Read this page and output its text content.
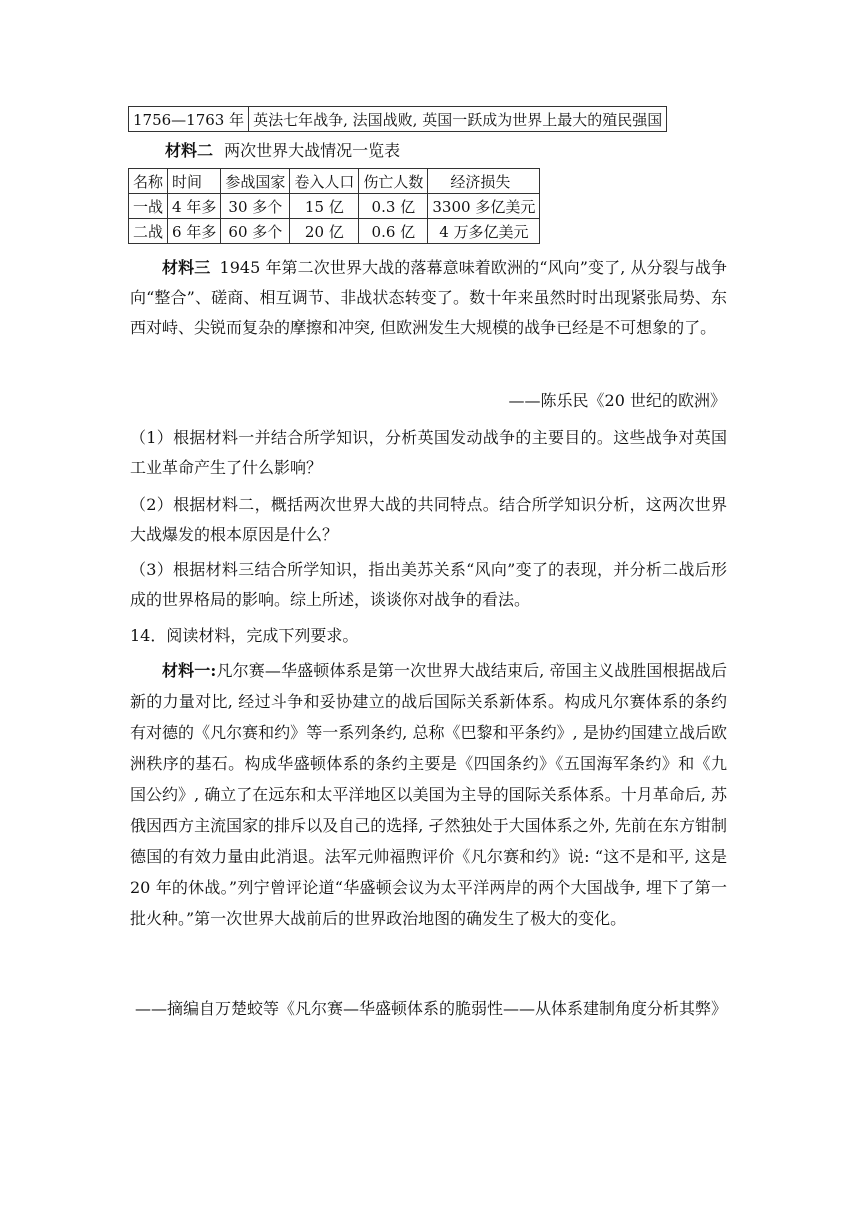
1756—1763 年	英法七年战争, 法国战败, 英国一跃成为世界上最大的殖民强国
材料二 两次世界大战情况一览表
名称	时间	参战国家	卷入人口	伤亡人数	经济损失
一战	4 年多	30 多个	15 亿	0.3 亿	3300 多亿美元
二战	6 年多	60 多个	20 亿	0.6 亿	4 万多亿美元
材料三 1945 年第二次世界大战的落幕意味着欧洲的“风向”变了, 从分裂与战争向“整合”、磋商、相互调节、非战状态转变了。数十年来虽然时时出现紧张局势、东西对峙、尖锐而复杂的摩擦和冲突, 但欧洲发生大规模的战争已经是不可想象的了。
——陈乐民《20 世纪的欧洲》
（1）根据材料一并结合所学知识，分析英国发动战争的主要目的。这些战争对英国工业革命产生了什么影响？
（2）根据材料二，概括两次世界大战的共同特点。结合所学知识分析，这两次世界大战爆发的根本原因是什么？
（3）根据材料三结合所学知识，指出美苏关系“风向”变了的表现，并分析二战后形成的世界格局的影响。综上所述，谈谈你对战争的看法。
14．阅读材料，完成下列要求。
材料一:凡尔赛—华盛顿体系是第一次世界大战结束后, 帝国主义战胜国根据战后新的力量对比, 经过斗争和妥协建立的战后国际关系新体系。构成凡尔赛体系的条约有对德的《凡尔赛和约》等一系列条约, 总称《巴黎和平条约》, 是协约国建立战后欧洲秩序的基石。构成华盛顿体系的条约主要是《四国条约》《五国海军条约》和《九国公约》, 确立了在远东和太平洋地区以美国为主导的国际关系体系。十月革命后, 苏俄因西方主流国家的排斥以及自己的选择, 孑然独处于大国体系之外, 先前在东方钳制德国的有效力量由此消退。法军元帅福煦评价《凡尔赛和约》说: “这不是和平, 这是 20 年的休战。”列宁曾评论道“华盛顿会议为太平洋两岸的两个大国战争, 埋下了第一批火种。”第一次世界大战前后的世界政治地图的确发生了极大的变化。
——摘编自万楚蛟等《凡尔赛—华盛顿体系的脆弱性——从体系建制角度分析其弊》
